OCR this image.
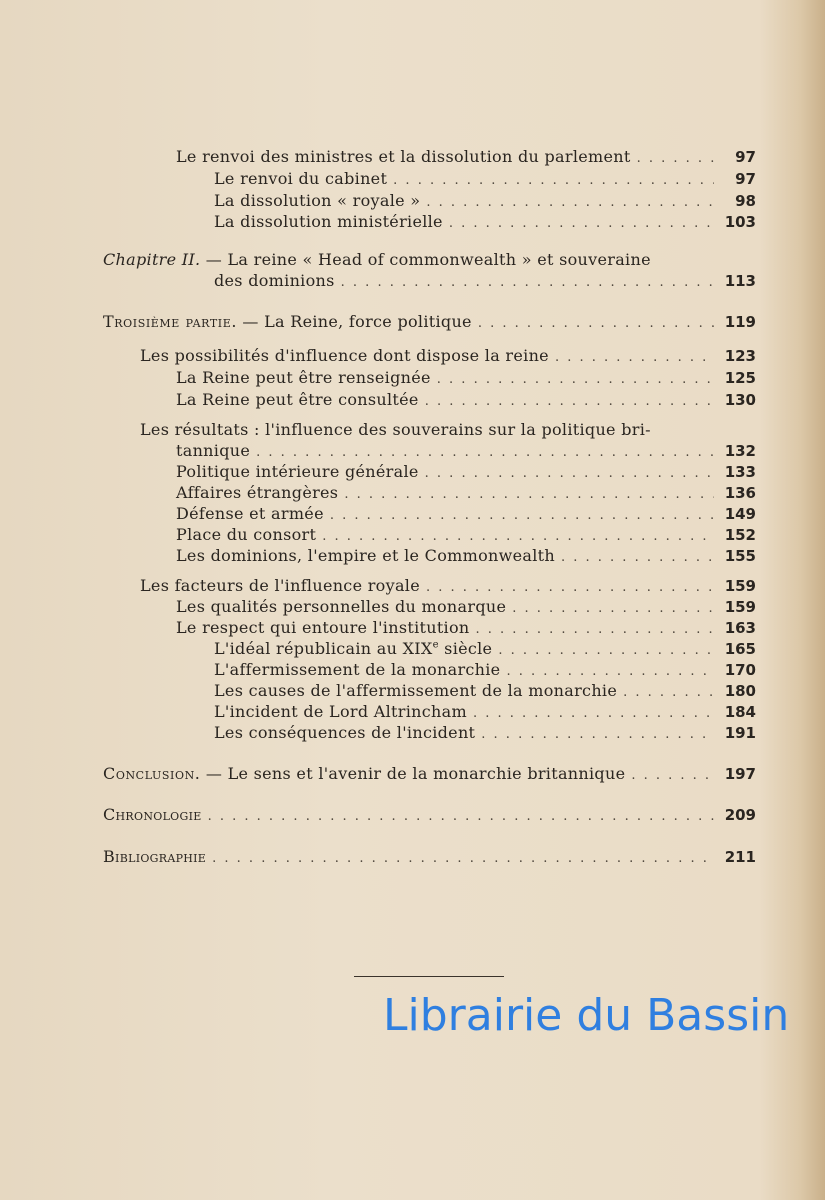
Le renvoi des ministres et la dissolution du parlement . . .	97
Le renvoi du cabinet . . .	97
La dissolution « royale » . . .	98
La dissolution ministérielle . . .	103
Chapitre II. — La reine « Head of commonwealth » et souveraine
des dominions . . .	113
Troisième partie. — La Reine, force politique . . .	119
Les possibilités d'influence dont dispose la reine . . .	123
La Reine peut être renseignée . . .	125
La Reine peut être consultée . . .	130
Les résultats : l'influence des souverains sur la politique bri-
tannique . . .	132
Politique intérieure générale . . .	133
Affaires étrangères . . .	136
Défense et armée . . .	149
Place du consort . . .	152
Les dominions, l'empire et le Commonwealth . . .	155
Les facteurs de l'influence royale . . .	159
Les qualités personnelles du monarque . . .	159
Le respect qui entoure l'institution . . .	163
L'idéal républicain au XIXe siècle . . .	165
L'affermissement de la monarchie . . .	170
Les causes de l'affermissement de la monarchie . . .	180
L'incident de Lord Altrincham . . .	184
Les conséquences de l'incident . . .	191
Conclusion. — Le sens et l'avenir de la monarchie britannique . . .	197
Chronologie . . .	209
Bibliographie . . .	211
Librairie du Bassin
